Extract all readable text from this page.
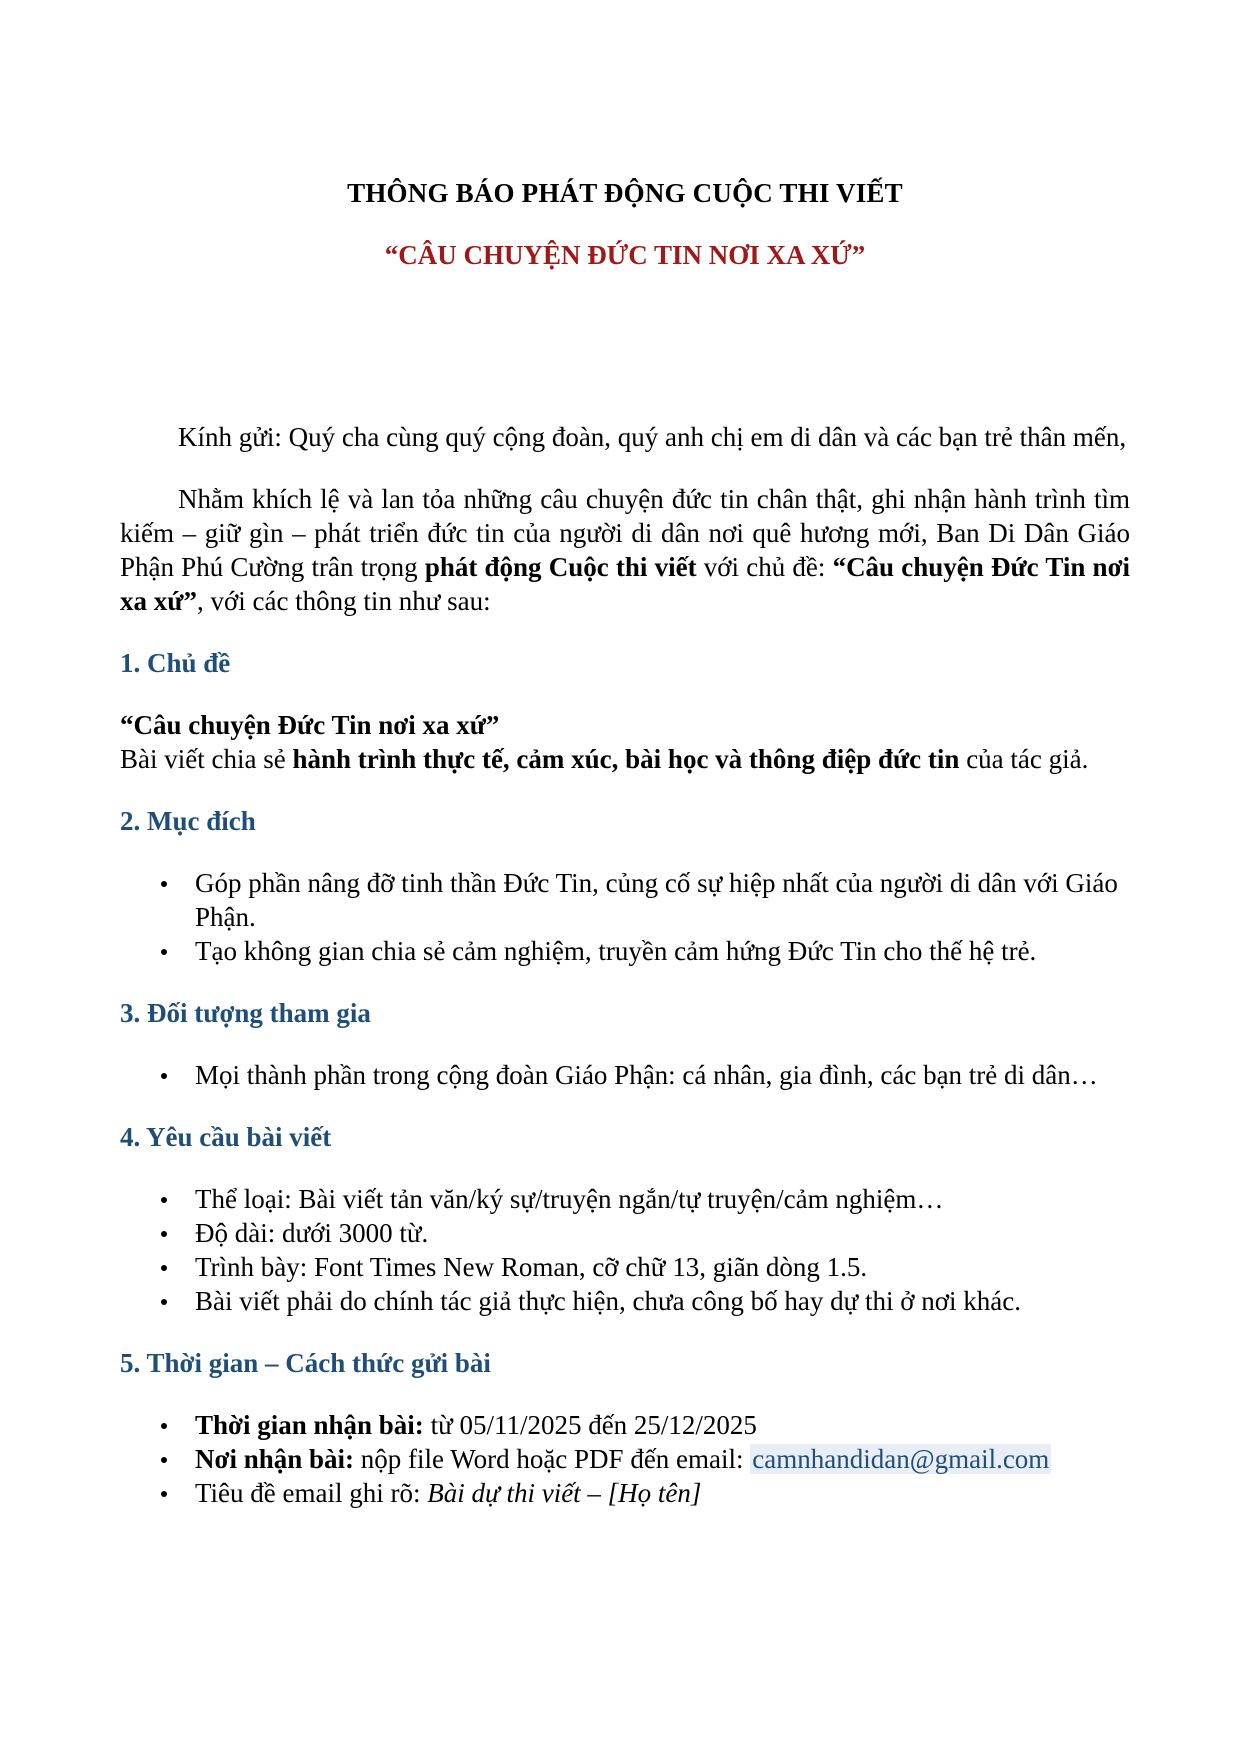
THÔNG BÁO PHÁT ĐỘNG CUỘC THI VIẾT
“CÂU CHUYỆN ĐỨC TIN NƠI XA XỨ”

Kính gửi: Quý cha cùng quý cộng đoàn, quý anh chị em di dân và các bạn trẻ thân mến,

Nhằm khích lệ và lan tỏa những câu chuyện đức tin chân thật, ghi nhận hành trình tìm kiếm – giữ gìn – phát triển đức tin của người di dân nơi quê hương mới, Ban Di Dân Giáo Phận Phú Cường trân trọng phát động Cuộc thi viết với chủ đề: “Câu chuyện Đức Tin nơi xa xứ”, với các thông tin như sau:

1. Chủ đề

“Câu chuyện Đức Tin nơi xa xứ”

Bài viết chia sẻ hành trình thực tế, cảm xúc, bài học và thông điệp đức tin của tác giả.

2. Mục đích
Góp phần nâng đỡ tinh thần Đức Tin, củng cố sự hiệp nhất của người di dân với Giáo Phận.
Tạo không gian chia sẻ cảm nghiệm, truyền cảm hứng Đức Tin cho thế hệ trẻ.
3. Đối tượng tham gia
Mọi thành phần trong cộng đoàn Giáo Phận: cá nhân, gia đình, các bạn trẻ di dân…
4. Yêu cầu bài viết
Thể loại: Bài viết tản văn/ký sự/truyện ngắn/tự truyện/cảm nghiệm…
Độ dài: dưới 3000 từ.
Trình bày: Font Times New Roman, cỡ chữ 13, giãn dòng 1.5.
Bài viết phải do chính tác giả thực hiện, chưa công bố hay dự thi ở nơi khác.
5. Thời gian – Cách thức gửi bài
Thời gian nhận bài: từ 05/11/2025 đến 25/12/2025
Nơi nhận bài: nộp file Word hoặc PDF đến email: camnhandidan@gmail.com
Tiêu đề email ghi rõ: Bài dự thi viết – [Họ tên]
